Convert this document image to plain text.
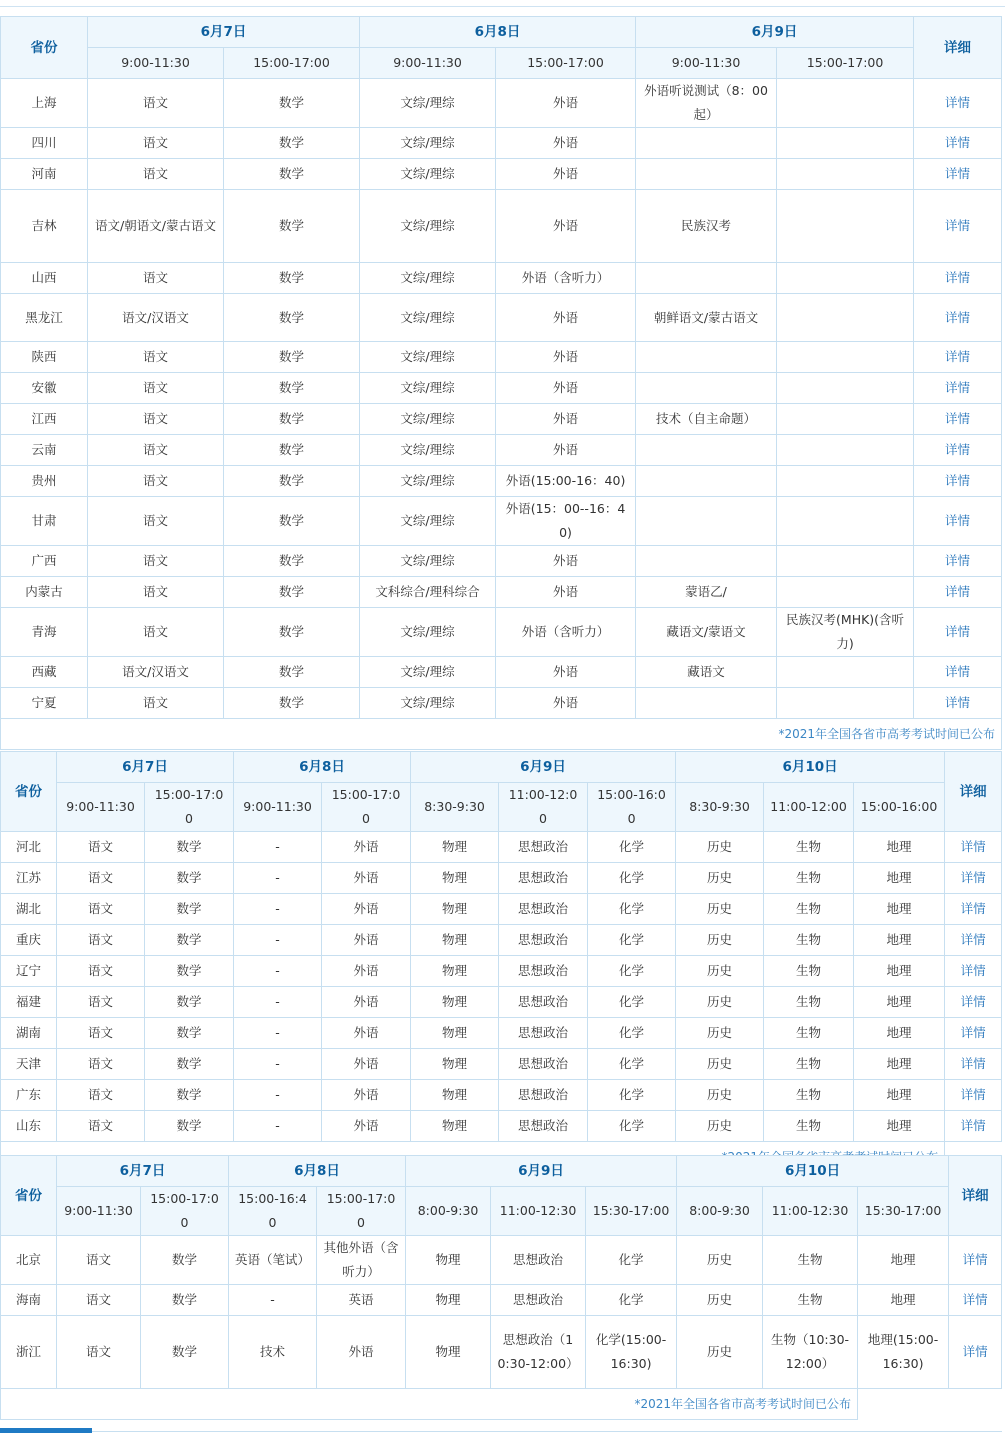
省份	6月7日		6月8日		6月9日		详细
	9:00-11:30	15:00-17:00	9:00-11:30	15:00-17:00	9:00-11:30	15:00-17:00	
上海	语文	数学	文综/理综	外语	外语听说测试（8：00起）		详情
四川	语文	数学	文综/理综	外语			详情
河南	语文	数学	文综/理综	外语			详情
吉林	语文/朝语文/蒙古语文	数学	文综/理综	外语	民族汉考		详情
山西	语文	数学	文综/理综	外语（含听力）			详情
黑龙江	语文/汉语文	数学	文综/理综	外语	朝鲜语文/蒙古语文		详情
陕西	语文	数学	文综/理综	外语			详情
安徽	语文	数学	文综/理综	外语			详情
江西	语文	数学	文综/理综	外语	技术（自主命题）		详情
云南	语文	数学	文综/理综	外语			详情
贵州	语文	数学	文综/理综	外语(15:00-16：40)			详情
甘肃	语文	数学	文综/理综	外语(15：00--16：40)			详情
广西	语文	数学	文综/理综	外语			详情
内蒙古	语文	数学	文科综合/理科综合	外语	蒙语乙/		详情
青海	语文	数学	文综/理综	外语（含听力）	藏语文/蒙语文	民族汉考(MHK)(含听力)	详情
西藏	语文/汉语文	数学	文综/理综	外语	藏语文		详情
宁夏	语文	数学	文综/理综	外语			详情
*2021年全国各省市高考考试时间已公布							
省份	6月7日		6月8日		6月9日			6月10日			详细
	9:00-11:30	15:00-17:00	9:00-11:30	15:00-17:00	8:30-9:30	11:00-12:00	15:00-16:00	8:30-9:30	11:00-12:00	15:00-16:00	
河北	语文	数学	-	外语	物理	思想政治	化学	历史	生物	地理	详情
江苏	语文	数学	-	外语	物理	思想政治	化学	历史	生物	地理	详情
湖北	语文	数学	-	外语	物理	思想政治	化学	历史	生物	地理	详情
重庆	语文	数学	-	外语	物理	思想政治	化学	历史	生物	地理	详情
辽宁	语文	数学	-	外语	物理	思想政治	化学	历史	生物	地理	详情
福建	语文	数学	-	外语	物理	思想政治	化学	历史	生物	地理	详情
湖南	语文	数学	-	外语	物理	思想政治	化学	历史	生物	地理	详情
天津	语文	数学	-	外语	物理	思想政治	化学	历史	生物	地理	详情
广东	语文	数学	-	外语	物理	思想政治	化学	历史	生物	地理	详情
山东	语文	数学	-	外语	物理	思想政治	化学	历史	生物	地理	详情

省份	6月7日		6月8日		6月9日			6月10日			详细
	9:00-11:30	15:00-17:00	15:00-16:40	15:00-17:00	8:00-9:30	11:00-12:30	15:30-17:00	8:00-9:30	11:00-12:30	15:30-17:00	
北京	语文	数学	英语（笔试）	其他外语（含听力）	物理	思想政治	化学	历史	生物	地理	详情
海南	语文	数学	-	英语	物理	思想政治	化学	历史	生物	地理	详情
浙江	语文	数学	技术	外语	物理	思想政治（10:30-12:00）	化学(15:00-16:30)	历史	生物（10:30-12:00）	地理(15:00-16:30)	详情
*2021年全国各省市高考考试时间已公布											
